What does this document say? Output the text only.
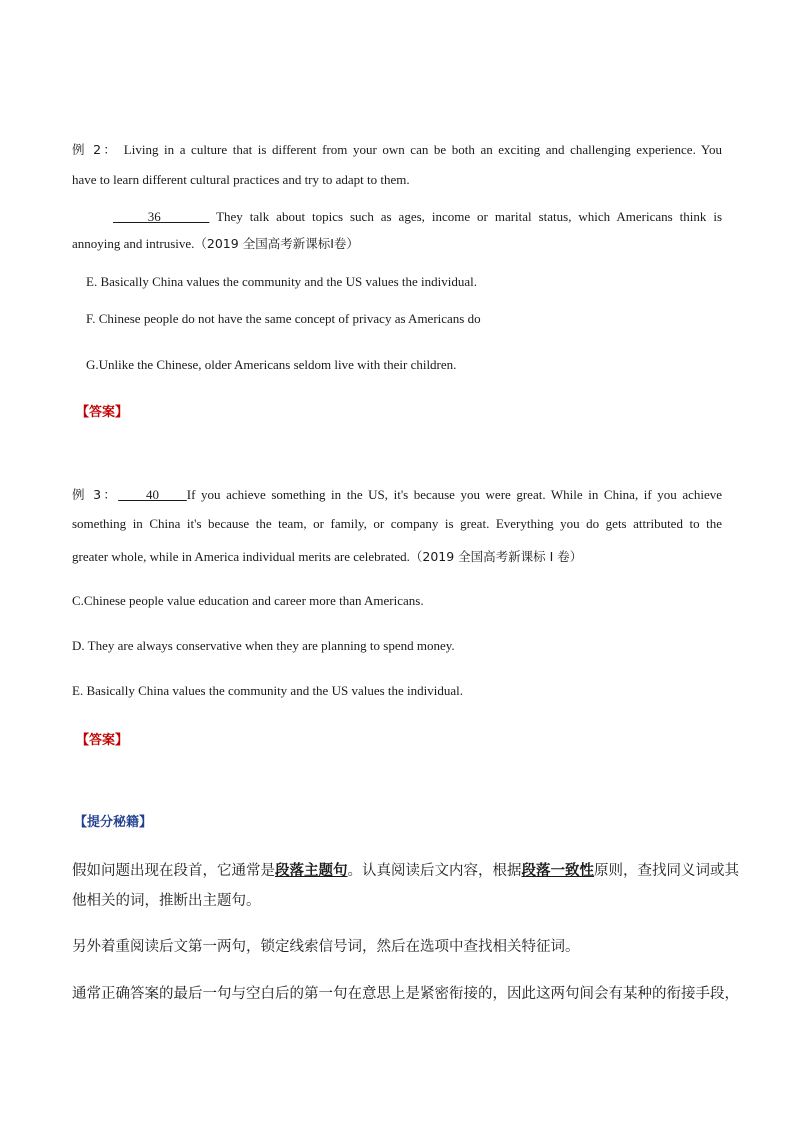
例 2： Living in a culture that is different from your own can be both an exciting and challenging experience. You

have to learn different cultural practices and try to adapt to them.

36	They talk about topics such as ages, income or marital status, which Americans think is

annoying and intrusive.（2019 全国高考新课标I卷）

E. Basically China values the community and the US values the individual.

F. Chinese people do not have the same concept of privacy as Americans do

G.Unlike the Chinese, older Americans seldom live with their children.

【答案】

例 3： 40 If you achieve something in the US, it's because you were great. While in China, if you achieve

something in China it's because the team, or family, or company is great. Everything you do gets attributed to the

greater whole, while in America individual merits are celebrated.（2019 全国高考新课标 I 卷）

C.Chinese people value education and career more than Americans.

D. They are always conservative when they are planning to spend money.

E. Basically China values the community and the US values the individual.

【答案】

【提分秘籍】

假如问题出现在段首，它通常是段落主题句。认真阅读后文内容，根据段落一致性原则，查找同义词或其

他相关的词，推断出主题句。

另外着重阅读后文第一两句，锁定线索信号词，然后在选项中查找相关特征词。

通常正确答案的最后一句与空白后的第一句在意思上是紧密衔接的，因此这两句间会有某种的衔接手段，
